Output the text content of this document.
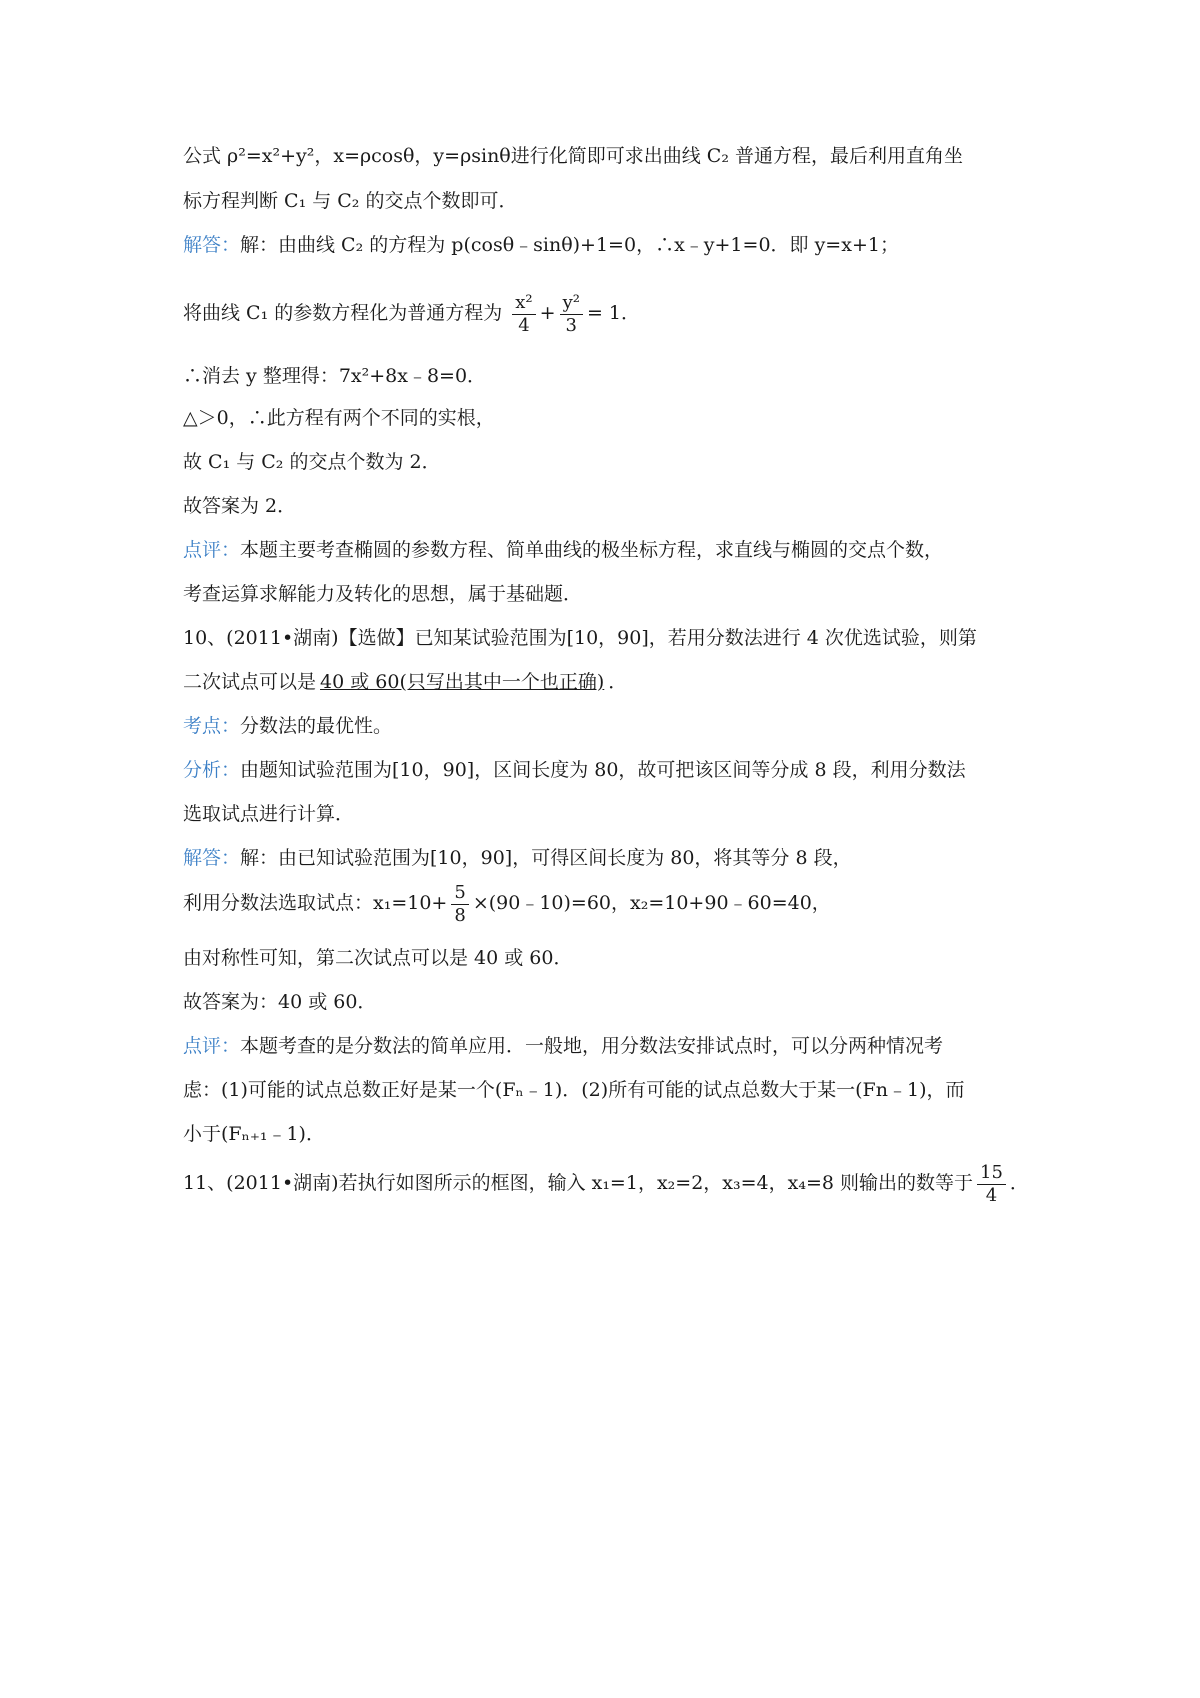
公式 ρ²=x²+y²，x=ρcosθ，y=ρsinθ进行化简即可求出曲线 C₂ 普通方程，最后利用直角坐
标方程判断 C₁ 与 C₂ 的交点个数即可．
解答：解：由曲线 C₂ 的方程为 p(cosθ﹣sinθ)+1=0，∴x﹣y+1=0．即 y=x+1；
将曲线 C₁ 的参数方程化为普通方程为 $\frac{\text{x²}}{4} + \frac{\text{y²}}{3} = 1$．
∴消去 y 整理得：7x²+8x﹣8=0．
△＞0，∴此方程有两个不同的实根，
故 C₁ 与 C₂ 的交点个数为 2．
故答案为 2．
点评：本题主要考查椭圆的参数方程、简单曲线的极坐标方程，求直线与椭圆的交点个数，
考查运算求解能力及转化的思想，属于基础题．
10、(2011•湖南)【选做】已知某试验范围为[10，90]，若用分数法进行 4 次优选试验，则第
二次试点可以是 40 或 60(只写出其中一个也正确) ．
考点：分数法的最优性。
分析：由题知试验范围为[10，90]，区间长度为 80，故可把该区间等分成 8 段，利用分数法
选取试点进行计算．
解答：解：由已知试验范围为[10，90]，可得区间长度为 80，将其等分 8 段，
利用分数法选取试点：$x_1=10+ \frac{5}{8}$ ×(90﹣10)=60，x₂=10+90﹣60=40，
由对称性可知，第二次试点可以是 40 或 60．
故答案为：40 或 60．
点评：本题考查的是分数法的简单应用．一般地，用分数法安排试点时，可以分两种情况考
虑：(1)可能的试点总数正好是某一个(Fₙ﹣1)．(2)所有可能的试点总数大于某一(Fn﹣1)，而
小于(Fₙ₊₁﹣1)．
11、(2011•湖南)若执行如图所示的框图，输入 x₁=1，x₂=2，x₃=4，x₄=8 则输出的数等于 $\frac{15}{4}$ ．
